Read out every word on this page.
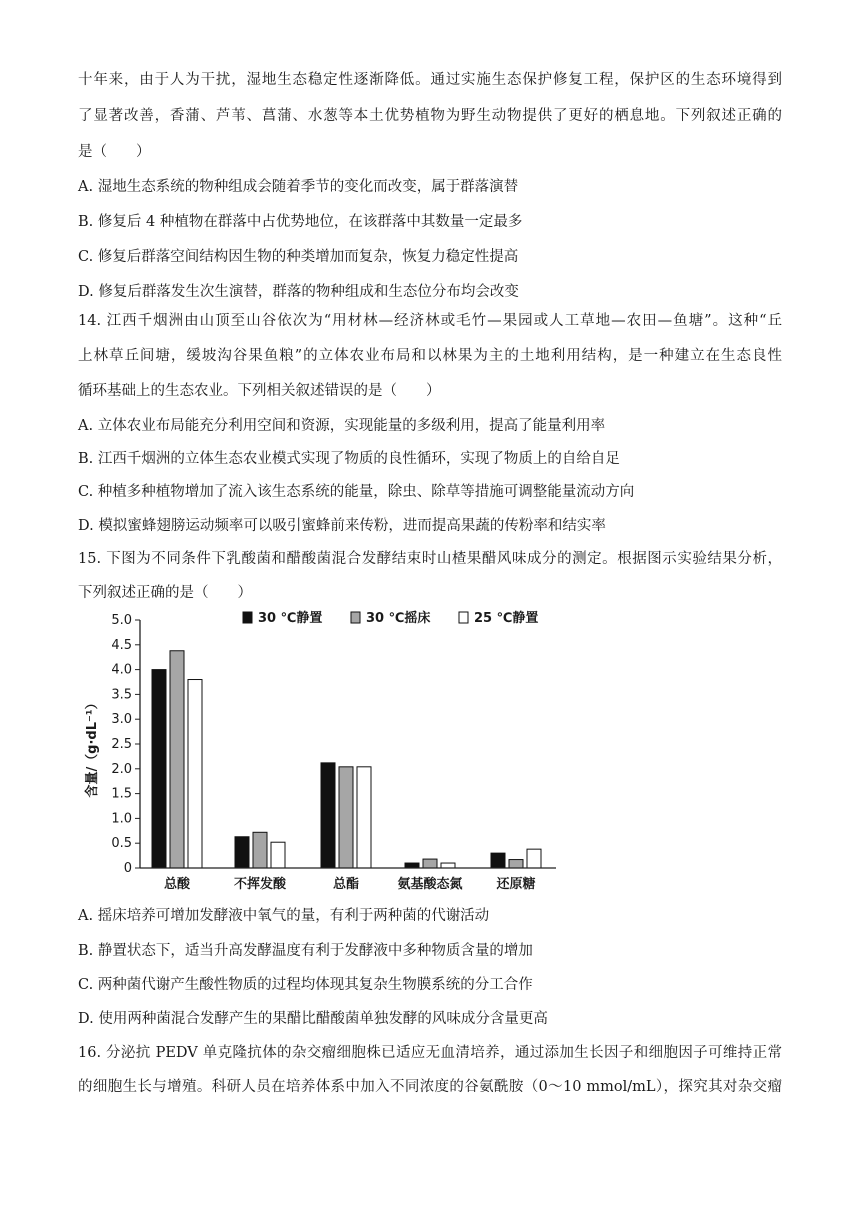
十年来，由于人为干扰，湿地生态稳定性逐渐降低。通过实施生态保护修复工程，保护区的生态环境得到
了显著改善，香蒲、芦苇、菖蒲、水葱等本土优势植物为野生动物提供了更好的栖息地。下列叙述正确的
是（　　）
A. 湿地生态系统的物种组成会随着季节的变化而改变，属于群落演替
B. 修复后 4 种植物在群落中占优势地位，在该群落中其数量一定最多
C. 修复后群落空间结构因生物的种类增加而复杂，恢复力稳定性提高
D. 修复后群落发生次生演替，群落的物种组成和生态位分布均会改变
14. 江西千烟洲由山顶至山谷依次为“用材林—经济林或毛竹—果园或人工草地—农田—鱼塘”。这种“丘
上林草丘间塘，缓坡沟谷果鱼粮”的立体农业布局和以林果为主的土地利用结构，是一种建立在生态良性
循环基础上的生态农业。下列相关叙述错误的是（　　）
A. 立体农业布局能充分利用空间和资源，实现能量的多级利用，提高了能量利用率
B. 江西千烟洲的立体生态农业模式实现了物质的良性循环，实现了物质上的自给自足
C. 种植多种植物增加了流入该生态系统的能量，除虫、除草等措施可调整能量流动方向
D. 模拟蜜蜂翅膀运动频率可以吸引蜜蜂前来传粉，进而提高果蔬的传粉率和结实率
15. 下图为不同条件下乳酸菌和醋酸菌混合发酵结束时山楂果醋风味成分的测定。根据图示实验结果分析，
下列叙述正确的是（　　）
30 ℃静置	30 ℃摇床	25 ℃静置
含量/（g·dL⁻¹）
0
0.5
1.0
1.5
2.0
2.5
3.0
3.5
4.0
4.5
5.0
总酸	不挥发酸	总酯	氨基酸态氮	还原糖
A. 摇床培养可增加发酵液中氧气的量，有利于两种菌的代谢活动
B. 静置状态下，适当升高发酵温度有利于发酵液中多种物质含量的增加
C. 两种菌代谢产生酸性物质的过程均体现其复杂生物膜系统的分工合作
D. 使用两种菌混合发酵产生的果醋比醋酸菌单独发酵的风味成分含量更高
16. 分泌抗 PEDV 单克隆抗体的杂交瘤细胞株已适应无血清培养，通过添加生长因子和细胞因子可维持正常
的细胞生长与增殖。科研人员在培养体系中加入不同浓度的谷氨酰胺（0～10 mmol/mL），探究其对杂交瘤
